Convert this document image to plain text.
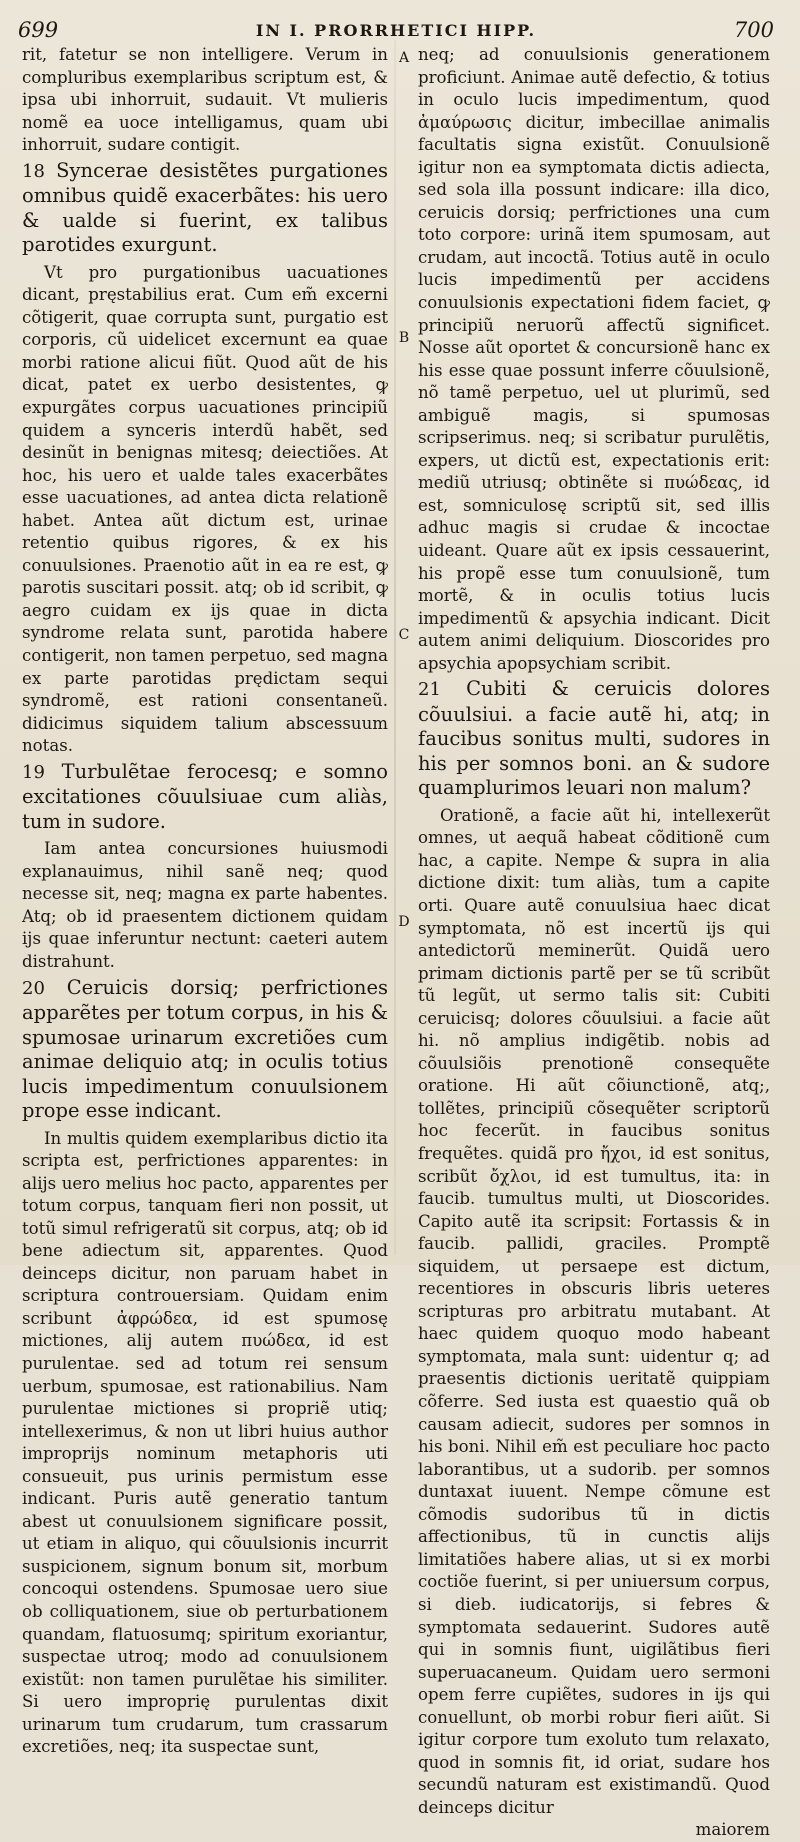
699	IN I. PRORRHETICI HIPP.	700

rit, fatetur se non intelligere. Verum in compluribus exemplaribus scriptum est, & ipsa ubi inhorruit, sudauit. Vt mulieris nomẽ ea uoce intelligamus, quam ubi inhorruit, sudare contigit.

18 Syncerae desistẽtes purgationes omnibus quidẽ exacerbãtes: his uero & ualde si fuerint, ex talibus parotides exurgunt.

Vt pro purgationibus uacuationes dicant, pręstabilius erat. Cum em̃ excerni cõtigerit, quae corrupta sunt, purgatio est corporis, cũ uidelicet excernunt ea quae morbi ratione alicui fiũt. Quod aũt de his dicat, patet ex uerbo desistentes, ꝙ expurgãtes corpus uacuationes principiũ quidem a synceris interdũ habẽt, sed desinũt in benignas mitesq; deiectiões. At hoc, his uero et ualde tales exacerbãtes esse uacuationes, ad antea dicta relationẽ habet. Antea aũt dictum est, urinae retentio quibus rigores, & ex his conuulsiones. Praenotio aũt in ea re est, ꝙ parotis suscitari possit. atq; ob id scribit, ꝙ aegro cuidam ex ijs quae in dicta syndrome relata sunt, parotida habere contigerit, non tamen perpetuo, sed magna ex parte parotidas prędictam sequi syndromẽ, est rationi consentaneũ. didicimus siquidem talium abscessuum notas.

19 Turbulẽtae ferocesq; e somno excitationes cõuulsiuae cum aliàs, tum in sudore.

Iam antea concursiones huiusmodi explanauimus, nihil sanẽ neq; quod necesse sit, neq; magna ex parte habentes. Atq; ob id praesentem dictionem quidam ijs quae inferuntur nectunt: caeteri autem distrahunt.

20 Ceruicis dorsiq; perfrictiones apparẽtes per totum corpus, in his & spumosae urinarum excretiões cum animae deliquio atq; in oculis totius lucis impedimentum conuulsionem prope esse indicant.

In multis quidem exemplaribus dictio ita scripta est, perfrictiones apparentes: in alijs uero melius hoc pacto, apparentes per totum corpus, tanquam fieri non possit, ut totũ simul refrigeratũ sit corpus, atq; ob id bene adiectum sit, apparentes. Quod deinceps dicitur, non paruam habet in scriptura controuersiam. Quidam enim scribunt ἀφρώδεα, id est spumosę mictiones, alij autem πυώδεα, id est purulentae. sed ad totum rei sensum uerbum, spumosae, est rationabilius. Nam purulentae mictiones si propriẽ utiq; intellexerimus, & non ut libri huius author improprijs nominum metaphoris uti consueuit, pus urinis permistum esse indicant. Puris autẽ generatio tantum abest ut conuulsionem significare possit, ut etiam in aliquo, qui cõuulsionis incurrit suspicionem, signum bonum sit, morbum concoqui ostendens. Spumosae uero siue ob colliquationem, siue ob perturbationem quandam, flatuosumq; spiritum exoriantur, suspectae utroq; modo ad conuulsionem existũt: non tamen purulẽtae his similiter. Si uero improprię purulentas dixit urinarum tum crudarum, tum crassarum excretiões, neq; ita suspectae sunt,

A
B
C
D

neq; ad conuulsionis generationem proficiunt. Animae autẽ defectio, & totius in oculo lucis impedimentum, quod ἀμαύρωσις dicitur, imbecillae animalis facultatis signa existũt. Conuulsionẽ igitur non ea symptomata dictis adiecta, sed sola illa possunt indicare: illa dico, ceruicis dorsiq; perfrictiones una cum toto corpore: urinã item spumosam, aut crudam, aut incoctã. Totius autẽ in oculo lucis impedimentũ per accidens conuulsionis expectationi fidem faciet, ꝙ principiũ neruorũ affectũ significet. Nosse aũt oportet & concursionẽ hanc ex his esse quae possunt inferre cõuulsionẽ, nõ tamẽ perpetuo, uel ut plurimũ, sed ambiguẽ magis, si spumosas scripserimus. neq; si scribatur purulẽtis, expers, ut dictũ est, expectationis erit: mediũ utriusq; obtinẽte si πυώδεας, id est, somniculosę scriptũ sit, sed illis adhuc magis si crudae & incoctae uideant. Quare aũt ex ipsis cessauerint, his propẽ esse tum conuulsionẽ, tum mortẽ, & in oculis totius lucis impedimentũ & apsychia indicant. Dicit autem animi deliquium. Dioscorides pro apsychia apopsychiam scribit.

21 Cubiti & ceruicis dolores cõuulsiui. a facie autẽ hi, atq; in faucibus sonitus multi, sudores in his per somnos boni. an & sudore quamplurimos leuari non malum?

Orationẽ, a facie aũt hi, intellexerũt omnes, ut aequã habeat cõditionẽ cum hac, a capite. Nempe & supra in alia dictione dixit: tum aliàs, tum a capite orti. Quare autẽ conuulsiua haec dicat symptomata, nõ est incertũ ijs qui antedictorũ meminerũt. Quidã uero primam dictionis partẽ per se tũ scribũt tũ legũt, ut sermo talis sit: Cubiti ceruicisq; dolores cõuulsiui. a facie aũt hi. nõ amplius indigẽtib. nobis ad cõuulsiõis prenotionẽ consequẽte oratione. Hi aũt cõiunctionẽ, atq;, tollẽtes, principiũ cõsequẽter scriptorũ hoc fecerũt. in faucibus sonitus frequẽtes. quidã pro ἤχοι, id est sonitus, scribũt ὄχλοι, id est tumultus, ita: in faucib. tumultus multi, ut Dioscorides. Capito autẽ ita scripsit: Fortassis & in faucib. pallidi, graciles. Promptẽ siquidem, ut persaepe est dictum, recentiores in obscuris libris ueteres scripturas pro arbitratu mutabant. At haec quidem quoquo modo habeant symptomata, mala sunt: uidentur q; ad praesentis dictionis ueritatẽ quippiam cõferre. Sed iusta est quaestio quã ob causam adiecit, sudores per somnos in his boni. Nihil em̃ est peculiare hoc pacto laborantibus, ut a sudorib. per somnos duntaxat iuuent. Nempe cõmune est cõmodis sudoribus tũ in dictis affectionibus, tũ in cunctis alijs limitatiões habere alias, ut si ex morbi coctiõe fuerint, si per uniuersum corpus, si dieb. iudicatorijs, si febres & symptomata sedauerint. Sudores autẽ qui in somnis fiunt, uigilãtibus fieri superuacaneum. Quidam uero sermoni opem ferre cupiẽtes, sudores in ijs qui conuellunt, ob morbi robur fieri aiũt. Si igitur corpore tum exoluto tum relaxato, quod in somnis fit, id oriat, sudare hos secundũ naturam est existimandũ. Quod deinceps dicitur

maiorem
